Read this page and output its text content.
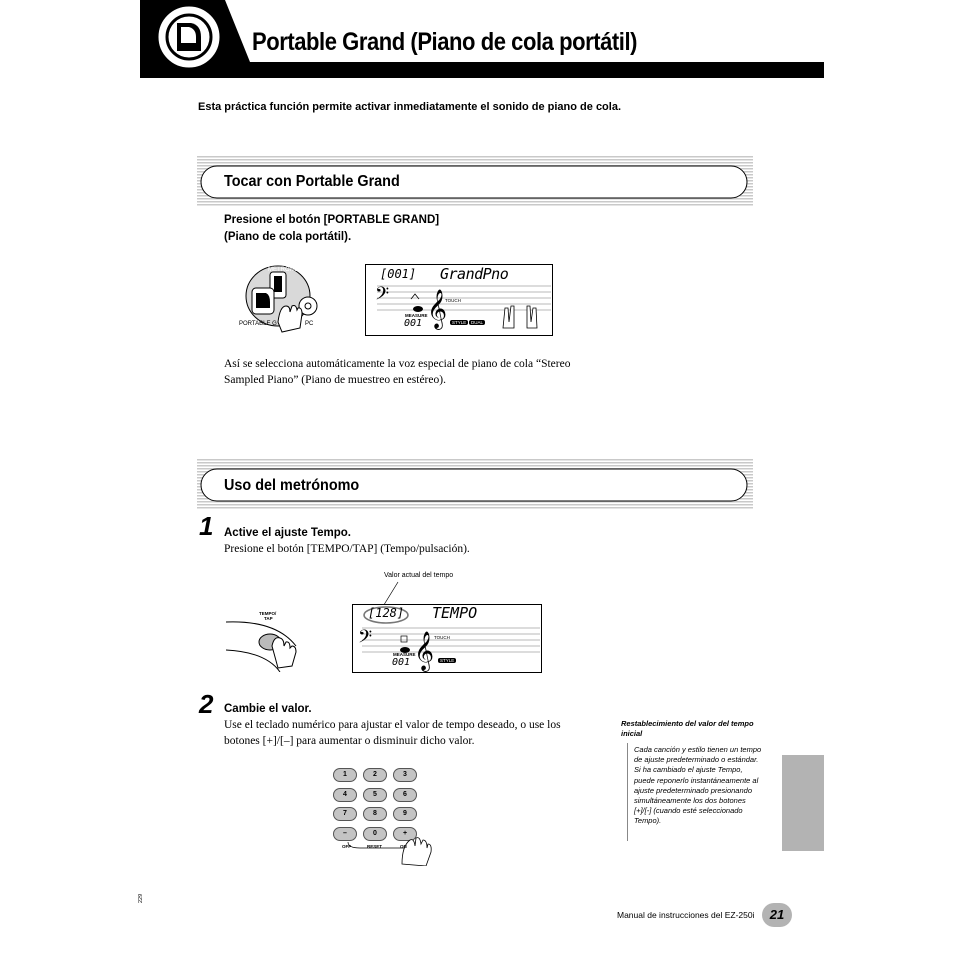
Portable Grand (Piano de cola portátil)
Esta práctica función permite activar inmediatamente el sonido de piano de cola.
Tocar con Portable Grand
Presione el botón [PORTABLE GRAND]
(Piano de cola portátil).
METRONOME
PORTABLE G	PC
𝄢 𝄞
[001] GrandPno
TOUCH
MEASURE
001	STYLE	DUAL
Así se selecciona automáticamente la voz especial de piano de cola “Stereo
Sampled Piano” (Piano de muestreo en estéreo).
Uso del metrónomo
1 Active el ajuste Tempo.
Presione el botón [TEMPO/TAP] (Tempo/pulsación).
Valor actual del tempo
TEMPO/
TAP
𝄢 𝄞
[128] TEMPO
TOUCH
MEASURE
001	STYLE
2 Cambie el valor.
Use el teclado numérico para ajustar el valor de tempo deseado, o use los
botones [+]/[–] para aumentar o disminuir dicho valor.
1	2	3
4	5	6
7	8	9
–	0	+
OFF	RESET	ON
Restablecimiento del valor del tempo inicial
Cada canción y estilo tienen un tempo de ajuste predeterminado o estándar. Si ha cambiado el ajuste Tempo, puede reponerlo instantáneamente al ajuste predeterminado presionando simultáneamente los dos botones [+]/[-] (cuando esté seleccionado Tempo).
229
Manual de instrucciones del EZ-250i	21
